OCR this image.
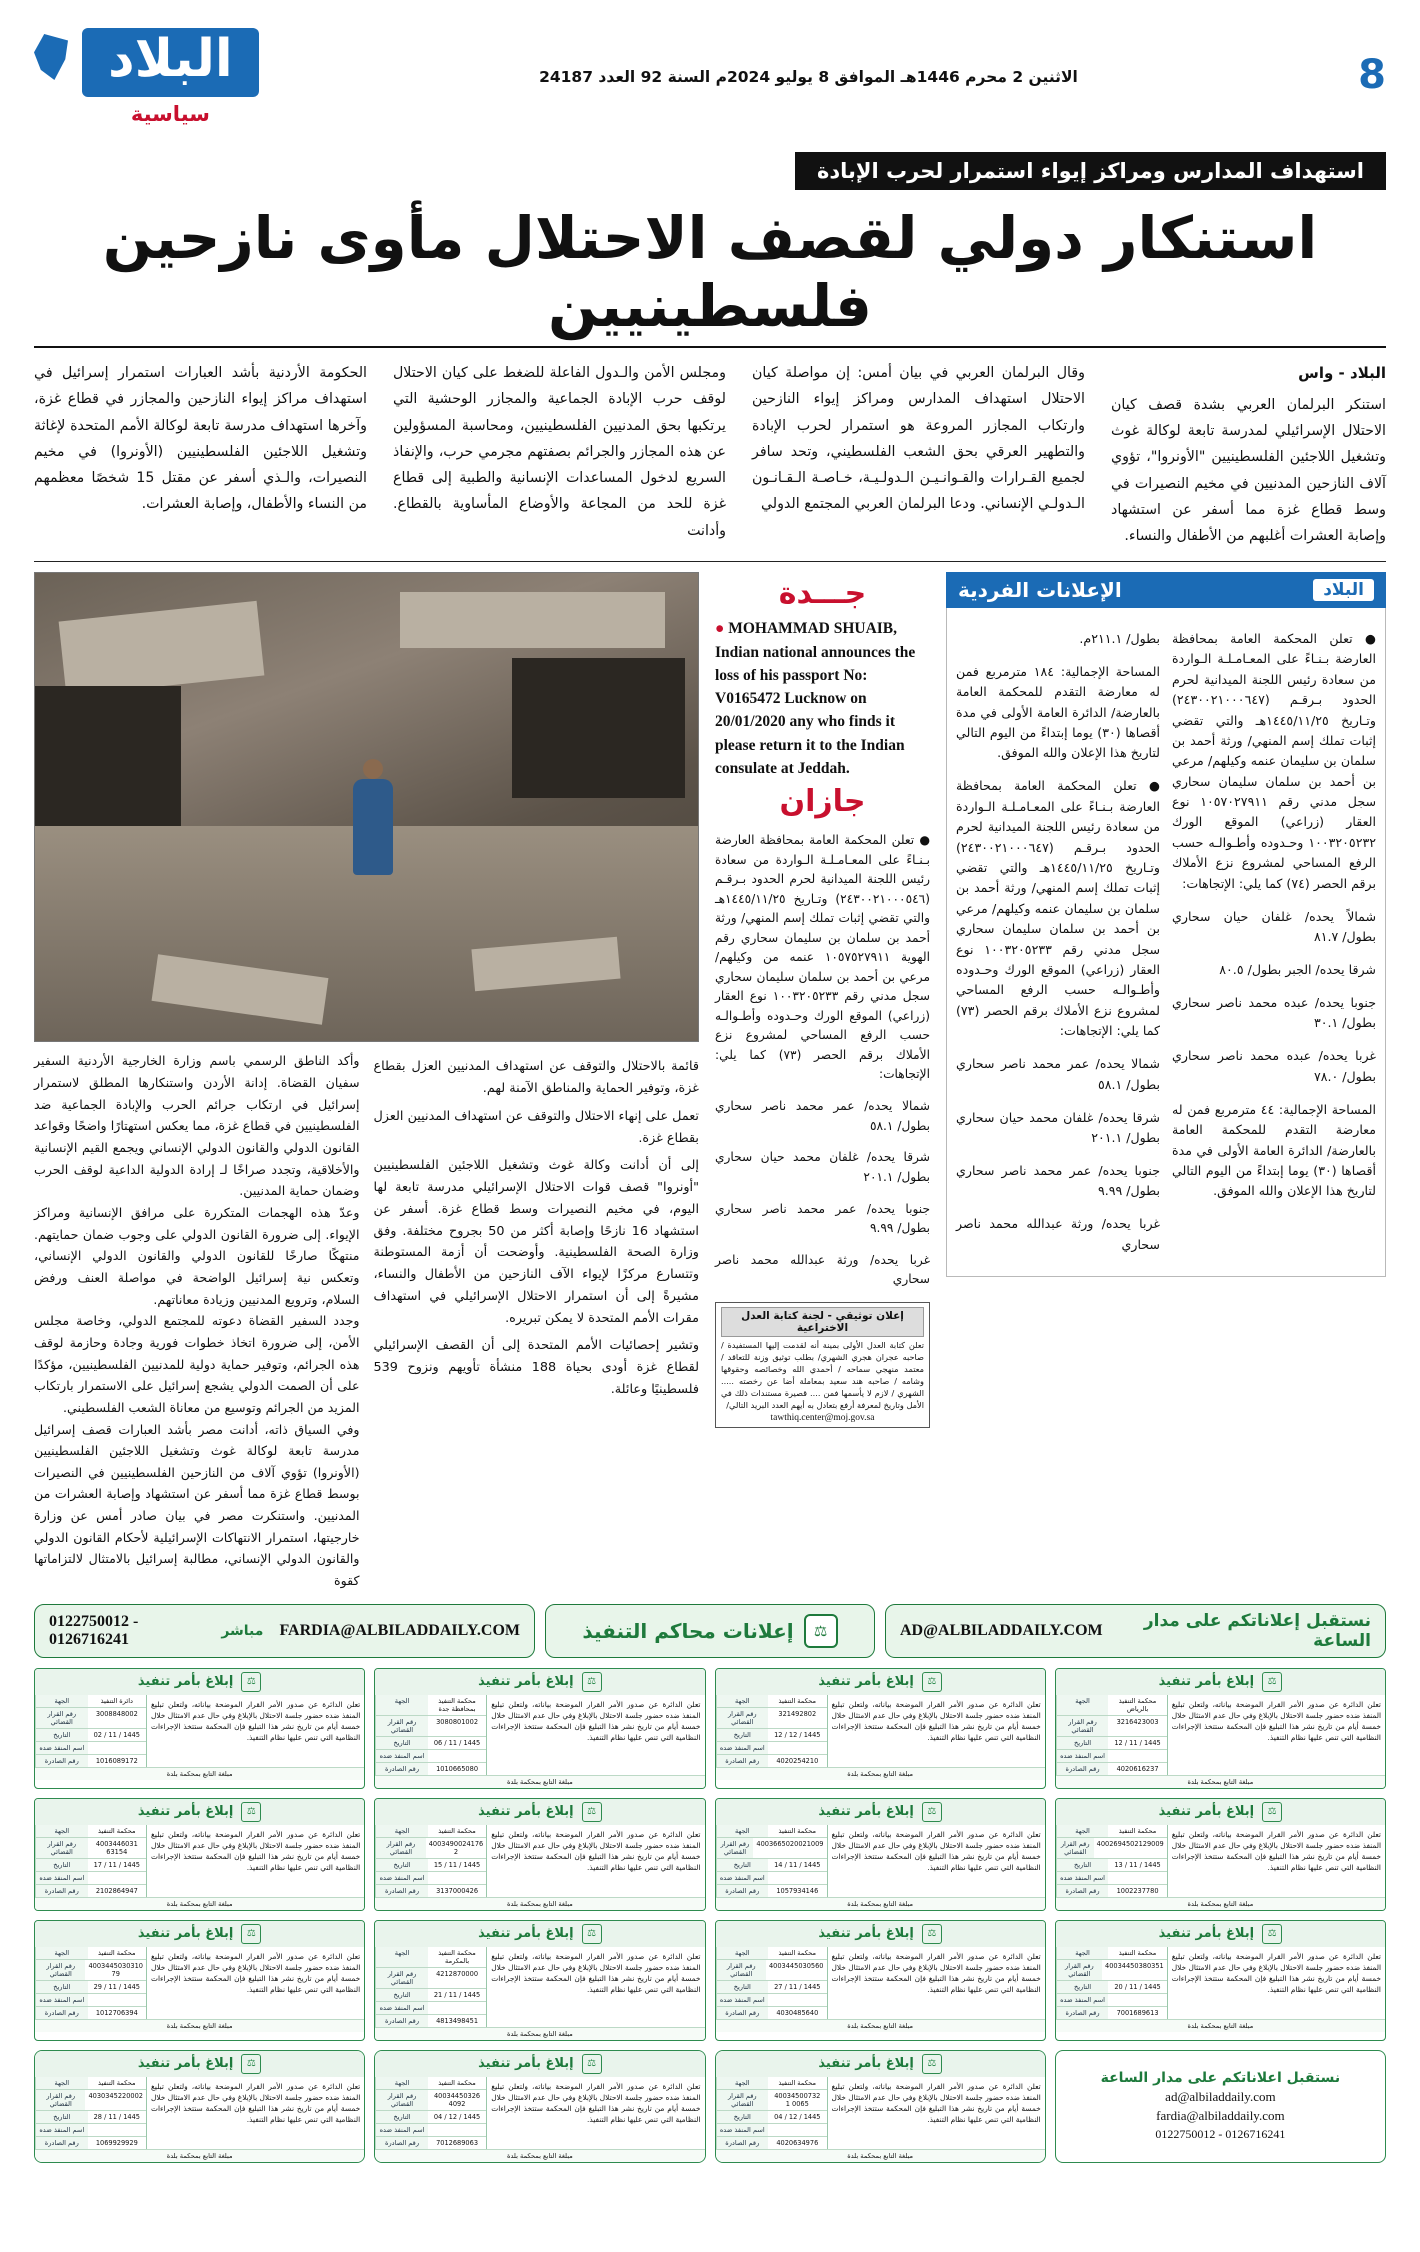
8
الاثنين 2 محرم 1446هـ الموافق 8 يوليو 2024م السنة 92 العدد 24187
البلاد
سياسية
استهداف المدارس ومراكز إيواء استمرار لحرب الإبادة
استنكار دولي لقصف الاحتلال مأوى نازحين فلسطينيين
البلاد - واس
استنكر البرلمان العربي بشدة قصف كيان الاحتلال الإسرائيلي لمدرسة تابعة لوكالة غوث وتشغيل اللاجئين الفلسطينيين "الأونروا"، تؤوي آلاف النازحين المدنيين في مخيم النصيرات في وسط قطاع غزة مما أسفر عن استشهاد وإصابة العشرات أغلبهم من الأطفال والنساء.
وقال البرلمان العربي في بيان أمس: إن مواصلة كيان الاحتلال استهداف المدارس ومراكز إيواء النازحين وارتكاب المجازر المروعة هو استمرار لحرب الإبادة والتطهير العرقي بحق الشعب الفلسطيني، وتحد سافر لجميع القـرارات والقـوانـيـن الـدولـيـة، خـاصـة الـقـانـون الـدولـي الإنساني. ودعا البرلمان العربي المجتمع الدولي
ومجلس الأمن والـدول الفاعلة للضغط على كيان الاحتلال لوقف حرب الإبادة الجماعية والمجازر الوحشية التي يرتكبها بحق المدنيين الفلسطينيين، ومحاسبة المسؤولين عن هذه المجازر والجرائم بصفتهم مجرمي حرب، والإنفاذ السريع لدخول المساعدات الإنسانية والطبية إلى قطاع غزة للحد من المجاعة والأوضاع المأساوية بالقطاع. وأدانت
الحكومة الأردنية بأشد العبارات استمرار إسرائيل في استهداف مراكز إيواء النازحين والمجازر في قطاع غزة، وآخرها استهداف مدرسة تابعة لوكالة الأمم المتحدة لإغاثة وتشغيل اللاجئين الفلسطينيين (الأونروا) في مخيم النصيرات، والـذي أسفر عن مقتل 15 شخصًا معظمهم من النساء والأطفال، وإصابة العشرات.
البلاد
الإعلانات الفردية

● تعلن المحكمة العامة بمحافظة العارضة بـنـاءً على المعـامـلـة الـواردة من سعادة رئيس اللجنة الميدانية لحرم الحدود بـرقـم (٢٤٣٠٠٢١٠٠٠٦٤٧) وتـاريخ ١٤٤٥/١١/٢٥هـ والتي تقضي إثبات تملك إسم المنهي/ ورثة أحمد بن سلمان بن سليمان عنمه وكيلهم/ مرعي بن أحمد بن سلمان سليمان سحاري سجل مدني رقم ١٠٥٧٠٢٧٩١١ نوع العقار (زراعي) الموقع الورك ١٠٠٣٢٠٥٢٣٢ وحـدوده وأطـوالـه حسب الرفع المساحي لمشروع نزع الأملاك برقم الحصر (٧٤) كما يلي: الإتجاهات:

شمالاً يحده/ غلفان حيان سحاري بطول/ ٨١.٧

شرقا يحده/ الجبر بطول/ ٨٠.٥

جنوبا يحده/ عبده محمد ناصر سحاري بطول/ ٣٠.١

غربا يحده/ عبده محمد ناصر سحاري بطول/ ٧٨.٠

المساحة الإجمالية: ٤٤ مترمربع فمن له معارضة التقدم للمحكمة العامة بالعارضة/ الدائرة العامة الأولى في مدة أقصاها (٣٠) يوما إبتداءً من اليوم التالي لتاريخ هذا الإعلان والله الموفق.

بطول/ ٢١١.١م.

المساحة الإجمالية: ١٨٤ مترمربع فمن له معارضة التقدم للمحكمة العامة بالعارضة/ الدائرة العامة الأولى في مدة أقصاها (٣٠) يوما إبتداءً من اليوم التالي لتاريخ هذا الإعلان والله الموفق.

● تعلن المحكمة العامة بمحافظة العارضة بـنـاءً على المعـامـلـة الـواردة من سعادة رئيس اللجنة الميدانية لحرم الحدود بـرقـم (٢٤٣٠٠٢١٠٠٠٦٤٧) وتـاريخ ١٤٤٥/١١/٢٥هـ والتي تقضي إثبات تملك إسم المنهي/ ورثة أحمد بن سلمان بن سليمان عنمه وكيلهم/ مرعي بن أحمد بن سلمان سليمان سحاري سجل مدني رقم ١٠٠٣٢٠٥٢٣٣ نوع العقار (زراعي) الموقع الورك وحـدوده وأطـوالـه حسب الرفع المساحي لمشروع نزع الأملاك برقم الحصر (٧٣) كما يلي: الإتجاهات:

شمالا يحده/ عمر محمد ناصر سحاري بطول/ ٥٨.١

شرقا يحده/ غلفان محمد حيان سحاري بطول/ ٢٠١.١

جنوبا يحده/ عمر محمد ناصر سحاري بطول/ ٩.٩٩

غربا يحده/ ورثة عبدالله محمد ناصر سحاري

جـــدة
● MOHAMMAD SHUAIB, Indian national announces the loss of his passport No: V0165472 Lucknow on 20/01/2020 any who finds it please return it to the Indian consulate at Jeddah.
جازان

● تعلن المحكمة العامة بمحافظة العارضة بـنـاءً على المعـامـلـة الـواردة من سعادة رئيس اللجنة الميدانية لحرم الحدود بـرقـم (٢٤٣٠٠٢١٠٠٠٥٤٦) وتـاريخ ١٤٤٥/١١/٢٥هـ والتي تقضي إثبات تملك إسم المنهي/ ورثة أحمد بن سلمان بن سليمان سحاري رقم الهوية ١٠٥٧٥٢٧٩١١ عنمه من وكيلهم/ مرعي بن أحمد بن سلمان سليمان سحاري سجل مدني رقم ١٠٠٣٢٠٥٢٣٣ نوع العقار (زراعي) الموقع الورك وحـدوده وأطـوالـه حسب الرفع المساحي لمشروع نزع الأملاك برقم الحصر (٧٣) كما يلي: الإتجاهات:

شمالا يحده/ عمر محمد ناصر سحاري بطول/ ٥٨.١

شرقا يحده/ غلفان محمد حيان سحاري بطول/ ٢٠١.١

جنوبا يحده/ عمر محمد ناصر سحاري بطول/ ٩.٩٩

غربا يحده/ ورثة عبدالله محمد ناصر سحاري

إعلان توثيقي - لجنة كتابة العدل الاختراعية
تعلن كتابة العدل الأولى بمينة أنه لقدمت إليها المستفيدة / صاحبه عجران هجري الشهري/ بطلب توثيق وزنة للتعاقد / معتمد منهجي سماحه / أحمدي الله وخصائصه وحقوقها وشامه / صاحبه هند سعيد بمعاملة أضا عن رخصته ..... الشهري / لازم لا يأسمها فمن .... قصيرة مستندات ذلك في الأمل وتاريخ لمعرفة أرفع بتعادل به أيهم العدد البريد التالي/
tawthiq.center@moj.gov.sa
قائمة بالاحتلال والتوقف عن استهداف المدنيين العزل بقطاع غزة، وتوفير الحماية والمناطق الآمنة لهم.
تعمل على إنهاء الاحتلال والتوقف عن استهداف المدنيين العزل بقطاع غزة.
إلى أن أدانت وكالة غوث وتشغيل اللاجئين الفلسطينيين "أونروا" قصف قوات الاحتلال الإسرائيلي مدرسة تابعة لها اليوم، في مخيم النصيرات وسط قطاع غزة. أسفر عن استشهاد 16 نازحًا وإصابة أكثر من 50 بجروح مختلفة. وفق وزارة الصحة الفلسطينية. وأوضحت أن أزمة المستوطنة وتتسارع مركزًا لإيواء الآف النازحين من الأطفال والنساء، مشيرةً إلى أن استمرار الاحتلال الإسرائيلي في استهداف مقرات الأمم المتحدة لا يمكن تبريره.
وتشير إحصائيات الأمم المتحدة إلى أن القصف الإسرائيلي لقطاع غزة أودى بحياة 188 منشأة تأويهم ونزوح 539 فلسطينيًا وعائلة.
وأكد الناطق الرسمي باسم وزارة الخارجية الأردنية السفير سفيان القضاة. إدانة الأردن واستنكارها المطلق لاستمرار إسرائيل في ارتكاب جرائم الحرب والإبادة الجماعية ضد الفلسطينيين في قطاع غزة، مما يعكس استهتارًا واضحًا وقواعد القانون الدولي والقانون الدولي الإنساني ويجمع القيم الإنسانية والأخلاقية، وتجدد صراخًا لـ إرادة الدولية الداعية لوقف الحرب وضمان حماية المدنيين.
وعدّ هذه الهجمات المتكررة على مرافق الإنسانية ومراكز الإيواء. إلى ضرورة القانون الدولي على وجوب ضمان حمايتهم. منتهكًا صارخًا للقانون الدولي والقانون الدولي الإنساني، وتعكس نية إسرائيل الواضحة في مواصلة العنف ورفض السلام، وترويع المدنيين وزيادة معاناتهم.
وجدد السفير القضاة دعوته للمجتمع الدولي، وخاصة مجلس الأمن، إلى ضرورة اتخاذ خطوات فورية وجادة وحازمة لوقف هذه الجرائم، وتوفير حماية دولية للمدنيين الفلسطينيين، مؤكدًا على أن الصمت الدولي يشجع إسرائيل على الاستمرار بارتكاب المزيد من الجرائم وتوسيع من معاناة الشعب الفلسطيني.
وفي السياق ذاته، أدانت مصر بأشد العبارات قصف إسرائيل مدرسة تابعة لوكالة غوث وتشغيل اللاجئين الفلسطينيين (الأونروا) تؤوي آلاف من النازحين الفلسطينيين في النصيرات بوسط قطاع غزة مما أسفر عن استشهاد وإصابة العشرات من المدنيين. واستنكرت مصر في بيان صادر أمس عن وزارة خارجيتها، استمرار الانتهاكات الإسرائيلية لأحكام القانون الدولي والقانون الدولي الإنساني، مطالبة إسرائيل بالامتثال لالتزاماتها كقوة
نستقبل إعلاناتكم على مدار الساعة
AD@ALBILADDAILY.COM
⚖
إعلانات محاكم التنفيذ
0122750012 - 0126716241	مباشر FARDIA@ALBILADDAILY.COM
⚖
إبلاغ بأمر تنفيذ
تعلن الدائرة عن صدور الأمر القرار الموضحة بياناته، ولتعلن تبليغ المنفذ ضده حضور جلسة الاحتلال بالإبلاغ وفي حال عدم الامتثال خلال خمسة أيام من تاريخ نشر هذا التبليغ فإن المحكمة ستتخذ الإجراءات النظامية التي تنص عليها نظام التنفيذ.
محكمة التنفيذ بالرياض
الجهة
3216423003
رقم القرار القضائي
12 / 11 / 1445
التاريخ
اسم المنفذ ضده
4020616237
رقم الصادرة
مبلغة التابع بمحكمة بلدة
⚖
إبلاغ بأمر تنفيذ
تعلن الدائرة عن صدور الأمر القرار الموضحة بياناته، ولتعلن تبليغ المنفذ ضده حضور جلسة الاحتلال بالإبلاغ وفي حال عدم الامتثال خلال خمسة أيام من تاريخ نشر هذا التبليغ فإن المحكمة ستتخذ الإجراءات النظامية التي تنص عليها نظام التنفيذ.
محكمة التنفيذ
الجهة
321492802
رقم القرار القضائي
12 / 12 / 1445
التاريخ
اسم المنفذ ضده
4020254210
رقم الصادرة
مبلغة التابع بمحكمة بلدة
⚖
إبلاغ بأمر تنفيذ
تعلن الدائرة عن صدور الأمر القرار الموضحة بياناته، ولتعلن تبليغ المنفذ ضده حضور جلسة الاحتلال بالإبلاغ وفي حال عدم الامتثال خلال خمسة أيام من تاريخ نشر هذا التبليغ فإن المحكمة ستتخذ الإجراءات النظامية التي تنص عليها نظام التنفيذ.
محكمة التنفيذ بمحافظة جدة
الجهة
3080801002
رقم القرار القضائي
06 / 11 / 1445
التاريخ
اسم المنفذ ضده
1010665080
رقم الصادرة
مبلغة التابع بمحكمة بلدة
⚖
إبلاغ بأمر تنفيذ
تعلن الدائرة عن صدور الأمر القرار الموضحة بياناته، ولتعلن تبليغ المنفذ ضده حضور جلسة الاحتلال بالإبلاغ وفي حال عدم الامتثال خلال خمسة أيام من تاريخ نشر هذا التبليغ فإن المحكمة ستتخذ الإجراءات النظامية التي تنص عليها نظام التنفيذ.
دائرة التنفيذ
الجهة
3008848002
رقم القرار القضائي
02 / 11 / 1445
التاريخ
اسم المنفذ ضده
1016089172
رقم الصادرة
مبلغة التابع بمحكمة بلدة
⚖
إبلاغ بأمر تنفيذ
تعلن الدائرة عن صدور الأمر القرار الموضحة بياناته، ولتعلن تبليغ المنفذ ضده حضور جلسة الاحتلال بالإبلاغ وفي حال عدم الامتثال خلال خمسة أيام من تاريخ نشر هذا التبليغ فإن المحكمة ستتخذ الإجراءات النظامية التي تنص عليها نظام التنفيذ.
محكمة التنفيذ
الجهة
4002694502129009
رقم القرار القضائي
13 / 11 / 1445
التاريخ
اسم المنفذ ضده
1002237780
رقم الصادرة
مبلغة التابع بمحكمة بلدة
⚖
إبلاغ بأمر تنفيذ
تعلن الدائرة عن صدور الأمر القرار الموضحة بياناته، ولتعلن تبليغ المنفذ ضده حضور جلسة الاحتلال بالإبلاغ وفي حال عدم الامتثال خلال خمسة أيام من تاريخ نشر هذا التبليغ فإن المحكمة ستتخذ الإجراءات النظامية التي تنص عليها نظام التنفيذ.
محكمة التنفيذ
الجهة
4003665020021009
رقم القرار القضائي
14 / 11 / 1445
التاريخ
اسم المنفذ ضده
1057934146
رقم الصادرة
مبلغة التابع بمحكمة بلدة
⚖
إبلاغ بأمر تنفيذ
تعلن الدائرة عن صدور الأمر القرار الموضحة بياناته، ولتعلن تبليغ المنفذ ضده حضور جلسة الاحتلال بالإبلاغ وفي حال عدم الامتثال خلال خمسة أيام من تاريخ نشر هذا التبليغ فإن المحكمة ستتخذ الإجراءات النظامية التي تنص عليها نظام التنفيذ.
محكمة التنفيذ
الجهة
4003490024176 2
رقم القرار القضائي
15 / 11 / 1445
التاريخ
اسم المنفذ ضده
3137000426
رقم الصادرة
مبلغة التابع بمحكمة بلدة
⚖
إبلاغ بأمر تنفيذ
تعلن الدائرة عن صدور الأمر القرار الموضحة بياناته، ولتعلن تبليغ المنفذ ضده حضور جلسة الاحتلال بالإبلاغ وفي حال عدم الامتثال خلال خمسة أيام من تاريخ نشر هذا التبليغ فإن المحكمة ستتخذ الإجراءات النظامية التي تنص عليها نظام التنفيذ.
محكمة التنفيذ
الجهة
4003446031 63154
رقم القرار القضائي
17 / 11 / 1445
التاريخ
اسم المنفذ ضده
2102864947
رقم الصادرة
مبلغة التابع بمحكمة بلدة
⚖
إبلاغ بأمر تنفيذ
تعلن الدائرة عن صدور الأمر القرار الموضحة بياناته، ولتعلن تبليغ المنفذ ضده حضور جلسة الاحتلال بالإبلاغ وفي حال عدم الامتثال خلال خمسة أيام من تاريخ نشر هذا التبليغ فإن المحكمة ستتخذ الإجراءات النظامية التي تنص عليها نظام التنفيذ.
محكمة التنفيذ
الجهة
40034450380351
رقم القرار القضائي
20 / 11 / 1445
التاريخ
اسم المنفذ ضده
7001689613
رقم الصادرة
مبلغة التابع بمحكمة بلدة
⚖
إبلاغ بأمر تنفيذ
تعلن الدائرة عن صدور الأمر القرار الموضحة بياناته، ولتعلن تبليغ المنفذ ضده حضور جلسة الاحتلال بالإبلاغ وفي حال عدم الامتثال خلال خمسة أيام من تاريخ نشر هذا التبليغ فإن المحكمة ستتخذ الإجراءات النظامية التي تنص عليها نظام التنفيذ.
محكمة التنفيذ
الجهة
4003445030560
رقم القرار القضائي
27 / 11 / 1445
التاريخ
اسم المنفذ ضده
4030485640
رقم الصادرة
مبلغة التابع بمحكمة بلدة
⚖
إبلاغ بأمر تنفيذ
تعلن الدائرة عن صدور الأمر القرار الموضحة بياناته، ولتعلن تبليغ المنفذ ضده حضور جلسة الاحتلال بالإبلاغ وفي حال عدم الامتثال خلال خمسة أيام من تاريخ نشر هذا التبليغ فإن المحكمة ستتخذ الإجراءات النظامية التي تنص عليها نظام التنفيذ.
محكمة التنفيذ بالمكرمة
الجهة
4212870000
رقم القرار القضائي
21 / 11 / 1445
التاريخ
اسم المنفذ ضده
4813498451
رقم الصادرة
مبلغة التابع بمحكمة بلدة
⚖
إبلاغ بأمر تنفيذ
تعلن الدائرة عن صدور الأمر القرار الموضحة بياناته، ولتعلن تبليغ المنفذ ضده حضور جلسة الاحتلال بالإبلاغ وفي حال عدم الامتثال خلال خمسة أيام من تاريخ نشر هذا التبليغ فإن المحكمة ستتخذ الإجراءات النظامية التي تنص عليها نظام التنفيذ.
محكمة التنفيذ
الجهة
4003445030310 79
رقم القرار القضائي
29 / 11 / 1445
التاريخ
اسم المنفذ ضده
1012706394
رقم الصادرة
مبلغة التابع بمحكمة بلدة
نستقبل اعلاناتكم على مدار الساعة
ad@albiladdaily.com
fardia@albiladdaily.com
0122750012 - 0126716241
⚖
إبلاغ بأمر تنفيذ
تعلن الدائرة عن صدور الأمر القرار الموضحة بياناته، ولتعلن تبليغ المنفذ ضده حضور جلسة الاحتلال بالإبلاغ وفي حال عدم الامتثال خلال خمسة أيام من تاريخ نشر هذا التبليغ فإن المحكمة ستتخذ الإجراءات النظامية التي تنص عليها نظام التنفيذ.
محكمة التنفيذ
الجهة
40034500732 1 0065
رقم القرار القضائي
04 / 12 / 1445
التاريخ
اسم المنفذ ضده
4020634976
رقم الصادرة
مبلغة التابع بمحكمة بلدة
⚖
إبلاغ بأمر تنفيذ
تعلن الدائرة عن صدور الأمر القرار الموضحة بياناته، ولتعلن تبليغ المنفذ ضده حضور جلسة الاحتلال بالإبلاغ وفي حال عدم الامتثال خلال خمسة أيام من تاريخ نشر هذا التبليغ فإن المحكمة ستتخذ الإجراءات النظامية التي تنص عليها نظام التنفيذ.
محكمة التنفيذ
الجهة
40034450326 4092
رقم القرار القضائي
04 / 12 / 1445
التاريخ
اسم المنفذ ضده
7012689063
رقم الصادرة
مبلغة التابع بمحكمة بلدة
⚖
إبلاغ بأمر تنفيذ
تعلن الدائرة عن صدور الأمر القرار الموضحة بياناته، ولتعلن تبليغ المنفذ ضده حضور جلسة الاحتلال بالإبلاغ وفي حال عدم الامتثال خلال خمسة أيام من تاريخ نشر هذا التبليغ فإن المحكمة ستتخذ الإجراءات النظامية التي تنص عليها نظام التنفيذ.
محكمة التنفيذ
الجهة
4030345220002
رقم القرار القضائي
28 / 11 / 1445
التاريخ
اسم المنفذ ضده
1069929929
رقم الصادرة
مبلغة التابع بمحكمة بلدة
